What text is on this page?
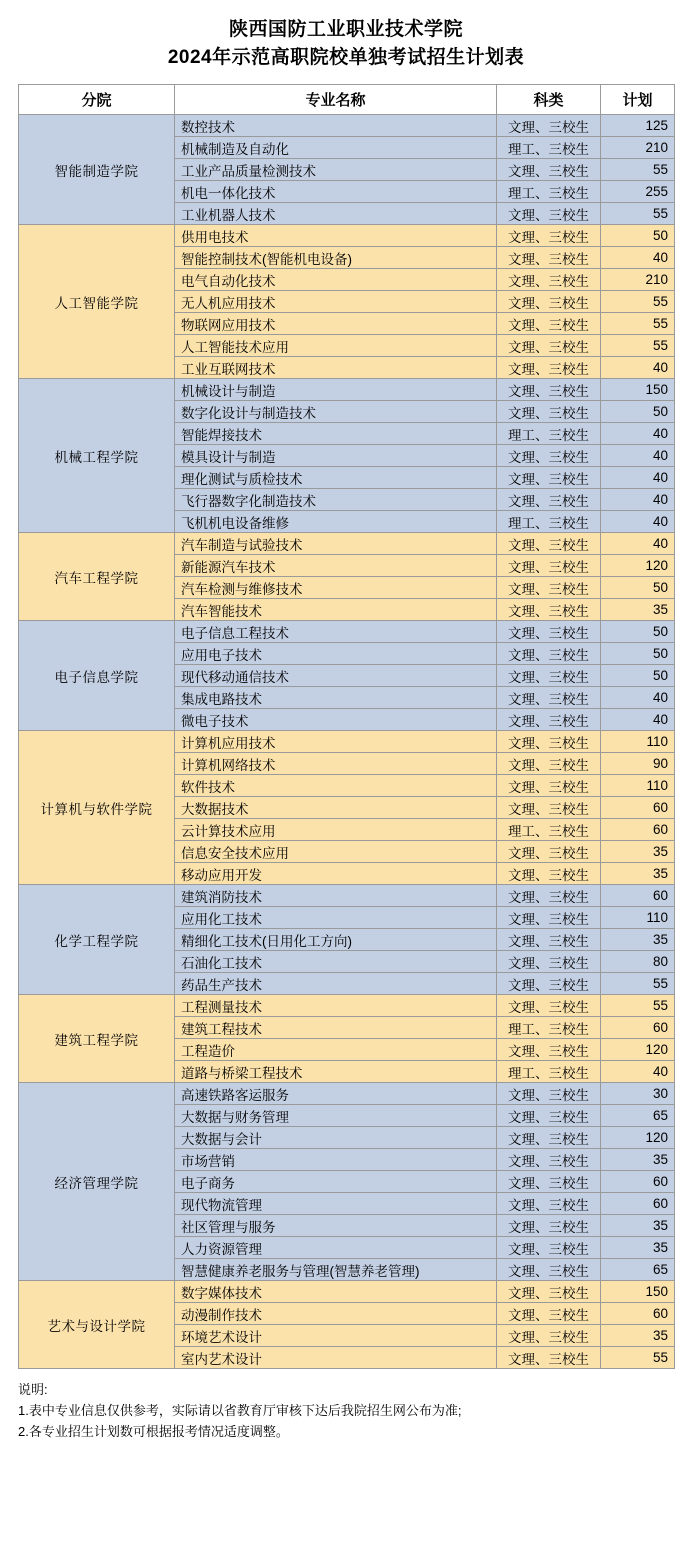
陕西国防工业职业技术学院
2024年示范高职院校单独考试招生计划表
分院	专业名称	科类	计划
智能制造学院	数控技术	文理、三校生	125
	机械制造及自动化	理工、三校生	210
	工业产品质量检测技术	文理、三校生	55
	机电一体化技术	理工、三校生	255
	工业机器人技术	文理、三校生	55
人工智能学院	供用电技术	文理、三校生	50
	智能控制技术(智能机电设备)	文理、三校生	40
	电气自动化技术	文理、三校生	210
	无人机应用技术	文理、三校生	55
	物联网应用技术	文理、三校生	55
	人工智能技术应用	文理、三校生	55
	工业互联网技术	文理、三校生	40
机械工程学院	机械设计与制造	文理、三校生	150
	数字化设计与制造技术	文理、三校生	50
	智能焊接技术	理工、三校生	40
	模具设计与制造	文理、三校生	40
	理化测试与质检技术	文理、三校生	40
	飞行器数字化制造技术	文理、三校生	40
	飞机机电设备维修	理工、三校生	40
汽车工程学院	汽车制造与试验技术	文理、三校生	40
	新能源汽车技术	文理、三校生	120
	汽车检测与维修技术	文理、三校生	50
	汽车智能技术	文理、三校生	35
电子信息学院	电子信息工程技术	文理、三校生	50
	应用电子技术	文理、三校生	50
	现代移动通信技术	文理、三校生	50
	集成电路技术	文理、三校生	40
	微电子技术	文理、三校生	40
计算机与软件学院	计算机应用技术	文理、三校生	110
	计算机网络技术	文理、三校生	90
	软件技术	文理、三校生	110
	大数据技术	文理、三校生	60
	云计算技术应用	理工、三校生	60
	信息安全技术应用	文理、三校生	35
	移动应用开发	文理、三校生	35
化学工程学院	建筑消防技术	文理、三校生	60
	应用化工技术	文理、三校生	110
	精细化工技术(日用化工方向)	文理、三校生	35
	石油化工技术	文理、三校生	80
	药品生产技术	文理、三校生	55
建筑工程学院	工程测量技术	文理、三校生	55
	建筑工程技术	理工、三校生	60
	工程造价	文理、三校生	120
	道路与桥梁工程技术	理工、三校生	40
经济管理学院	高速铁路客运服务	文理、三校生	30
	大数据与财务管理	文理、三校生	65
	大数据与会计	文理、三校生	120
	市场营销	文理、三校生	35
	电子商务	文理、三校生	60
	现代物流管理	文理、三校生	60
	社区管理与服务	文理、三校生	35
	人力资源管理	文理、三校生	35
	智慧健康养老服务与管理(智慧养老管理)	文理、三校生	65
艺术与设计学院	数字媒体技术	文理、三校生	150
	动漫制作技术	文理、三校生	60
	环境艺术设计	文理、三校生	35
	室内艺术设计	文理、三校生	55
说明:
1.表中专业信息仅供参考，实际请以省教育厅审核下达后我院招生网公布为准;
2.各专业招生计划数可根据报考情况适度调整。
